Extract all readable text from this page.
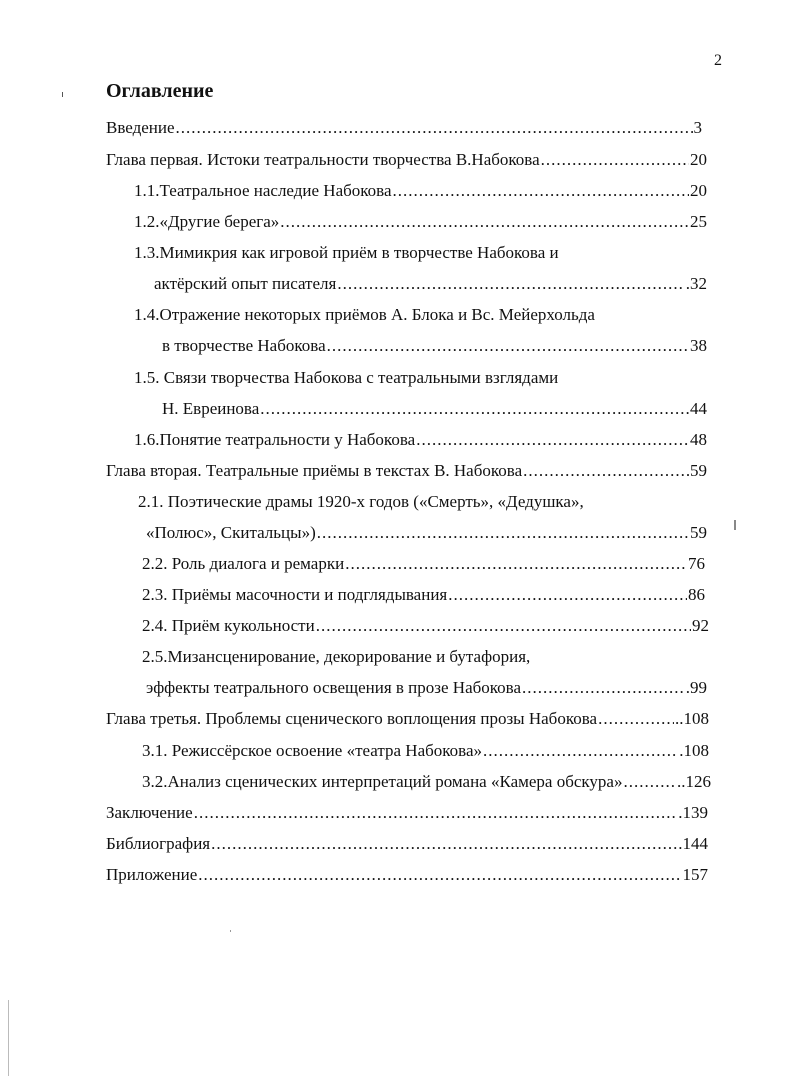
2
Оглавление
Введение .....	3
Глава первая. Истоки театральности творчества В.Набокова .....	20
1.1.Театральное наследие Набокова .....	20
1.2.«Другие берега» .....	25
1.3.Мимикрия как игровой приём в творчестве Набокова и
актёрский опыт писателя .....	.32
1.4.Отражение некоторых приёмов А. Блока и Вс. Мейерхольда
в творчестве Набокова .....	38
1.5. Связи творчества Набокова с театральными взглядами
Н. Евреинова .....	44
1.6.Понятие театральности у Набокова .....	48
Глава вторая. Театральные приёмы в текстах В. Набокова .....	59
2.1. Поэтические драмы 1920-х годов («Смерть», «Дедушка»,
«Полюс», Скитальцы») .....	59
2.2. Роль диалога и ремарки .....	76
2.3. Приёмы масочности и подглядывания .....	86
2.4. Приём кукольности .....	92
2.5.Мизансценирование, декорирование и бутафория,
эффекты театрального освещения в прозе Набокова .....	.99
Глава третья. Проблемы сценического воплощения прозы Набокова .....	..108
3.1. Режиссёрское освоение «театра Набокова» .....	.108
3.2.Анализ сценических интерпретаций романа «Камера обскура» .....	..126
Заключение .....	.139
Библиография .....	.144
Приложение .....	157
